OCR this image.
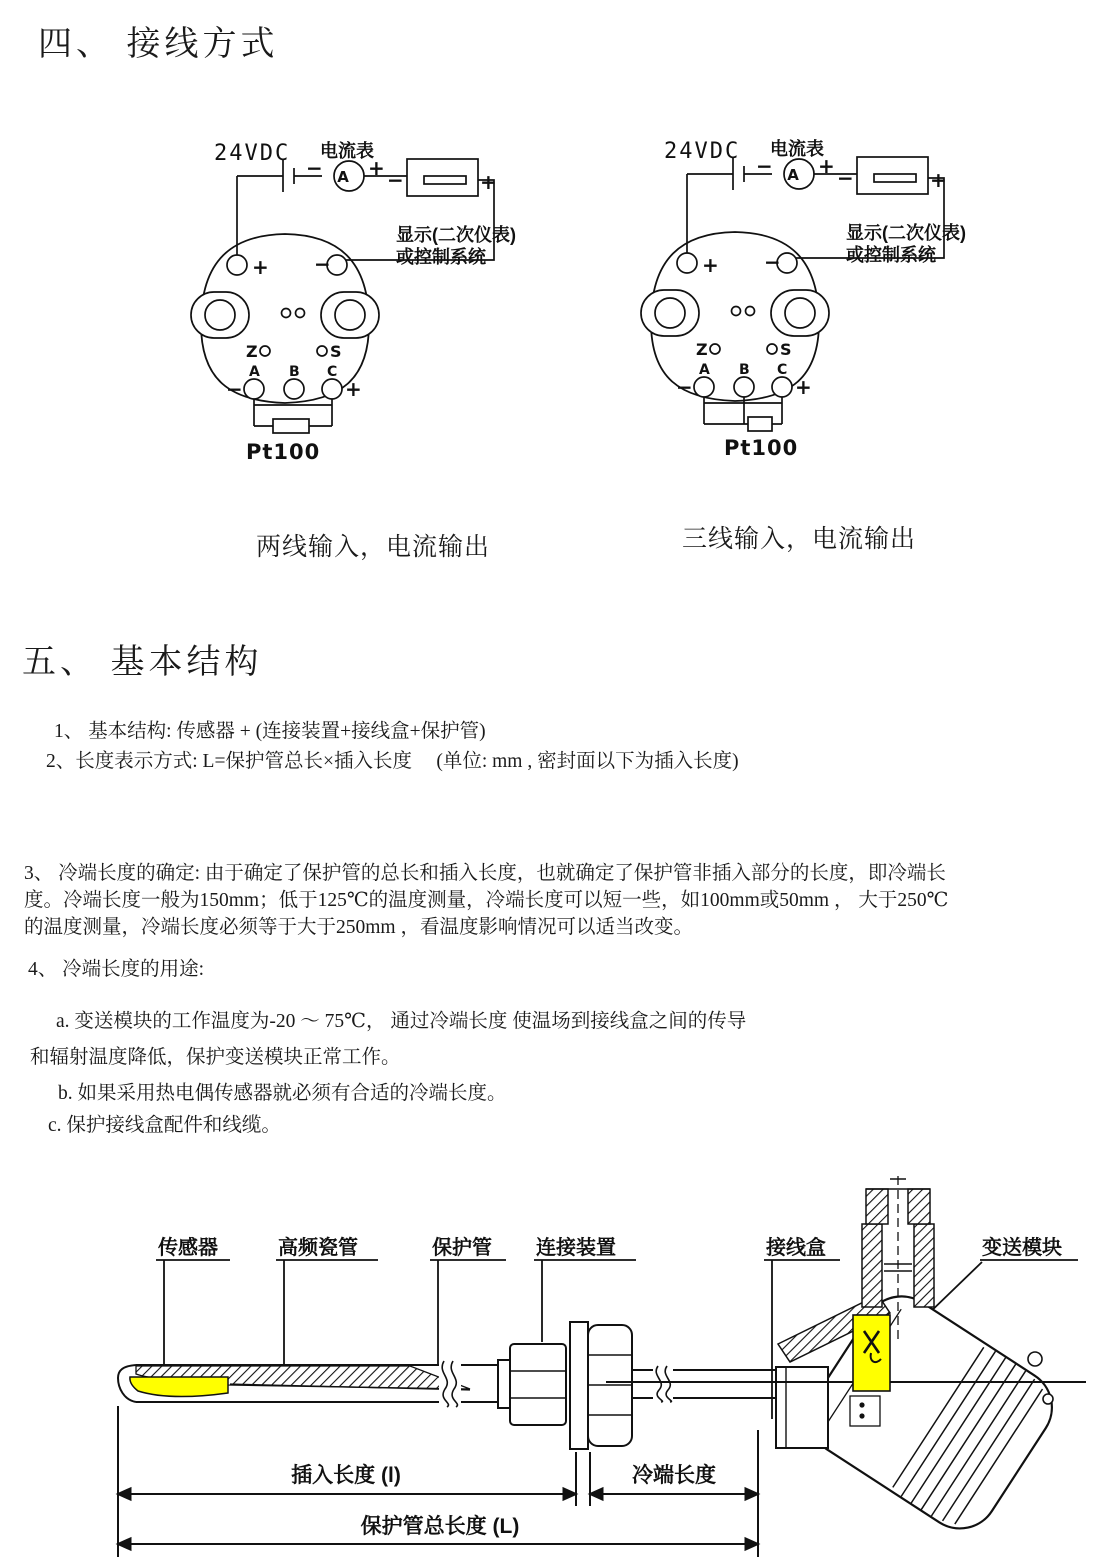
四、 接线方式
24VDC 电流表
− A + −	+
显示(二次仪表)
或控制系统
+ −
Z	S
A B C
−	+
Pt100
24VDC 电流表
− A + −	+
显示(二次仪表)
或控制系统
+ −
Z	S
A B C
−	+
Pt100
两线输入，电流输出	三线输入，电流输出
五、 基本结构

1、 基本结构: 传感器 + (连接装置+接线盒+保护管)

2、长度表示方式: L=保护管总长×插入长度　 (单位: mm , 密封面以下为插入长度)

3、 冷端长度的确定: 由于确定了保护管的总长和插入长度，也就确定了保护管非插入部分的长度，即冷端长度。冷端长度一般为150mm；低于125℃的温度测量，冷端长度可以短一些，如100mm或50mm ， 大于250℃的温度测量，冷端长度必须等于大于250mm ，看温度影响情况可以适当改变。

4、 冷端长度的用途:

a. 变送模块的工作温度为-20 ～ 75℃， 通过冷端长度 使温场到接线盒之间的传导和辐射温度降低，保护变送模块正常工作。

b. 如果采用热电偶传感器就必须有合适的冷端长度。

c. 保护接线盒配件和线缆。

传感器	高频瓷管	保护管 连接装置	接线盒	变送模块
插入长度 (l)	冷端长度
保护管总长度 (L)
